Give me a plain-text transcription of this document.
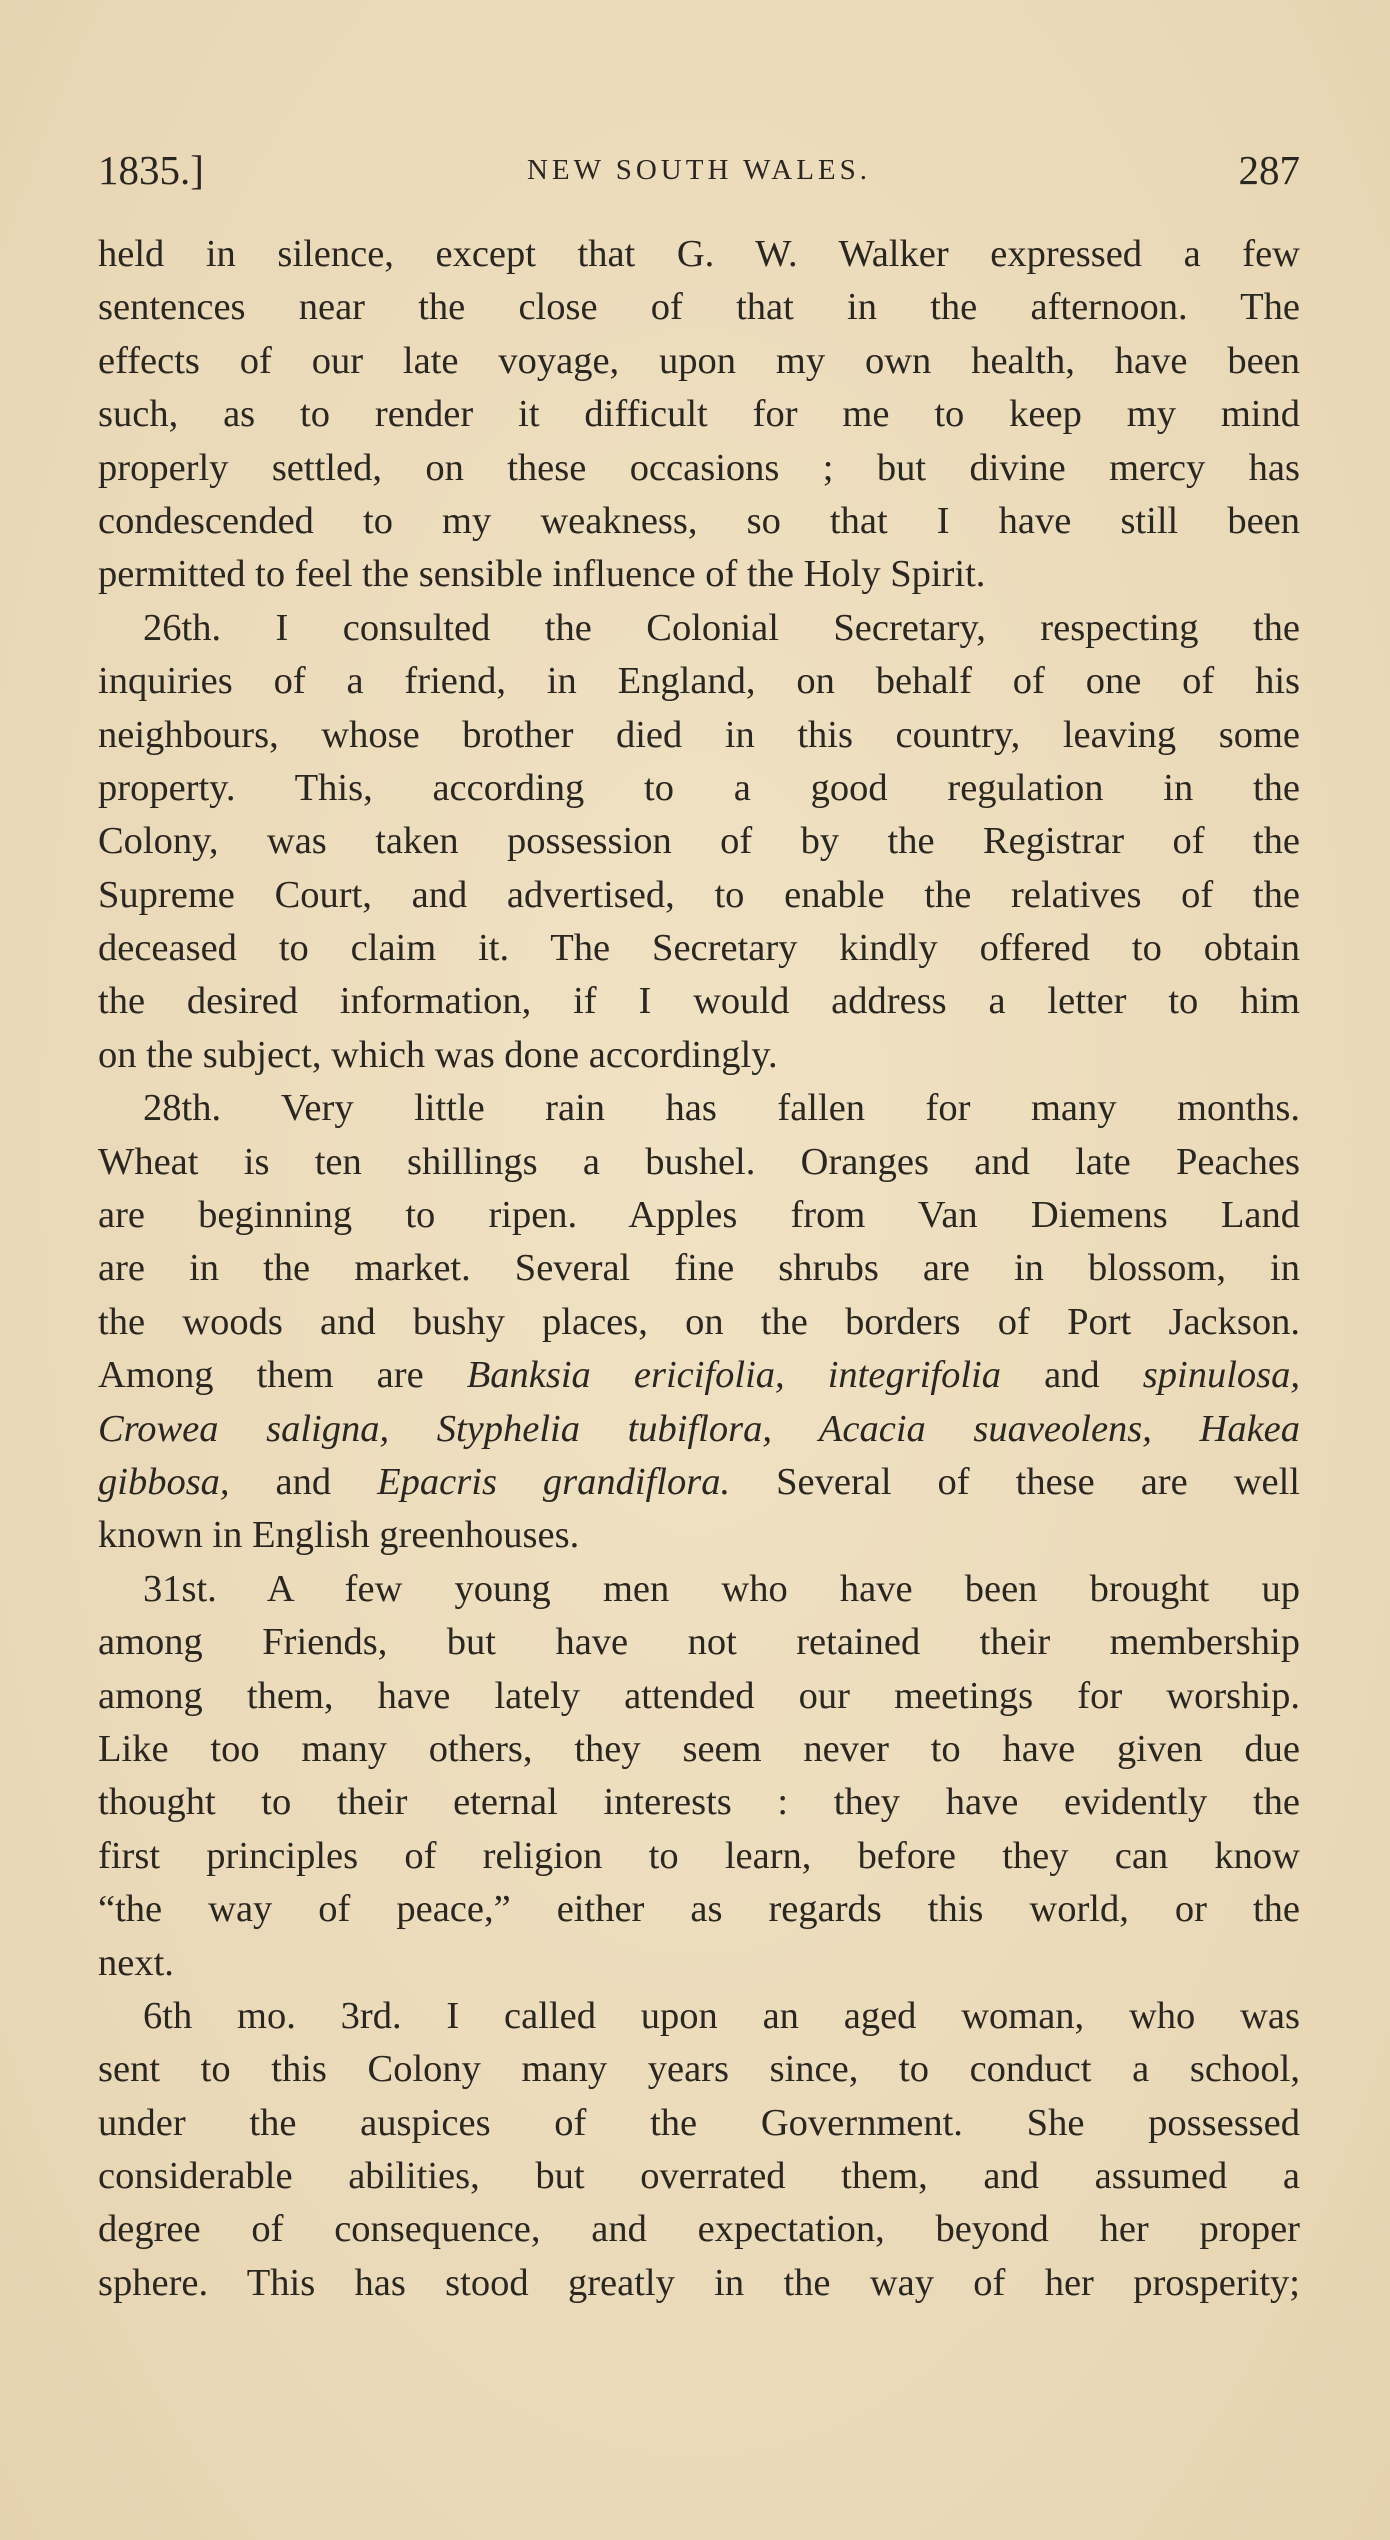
1835.]	NEW SOUTH WALES.	287
held in silence, except that G. W. Walker expressed a few
sentences near the close of that in the afternoon. The
effects of our late voyage, upon my own health, have been
such, as to render it difficult for me to keep my mind
properly settled, on these occasions ; but divine mercy has
condescended to my weakness, so that I have still been
permitted to feel the sensible influence of the Holy Spirit.
26th. I consulted the Colonial Secretary, respecting the
inquiries of a friend, in England, on behalf of one of his
neighbours, whose brother died in this country, leaving some
property. This, according to a good regulation in the
Colony, was taken possession of by the Registrar of the
Supreme Court, and advertised, to enable the relatives of the
deceased to claim it. The Secretary kindly offered to obtain
the desired information, if I would address a letter to him
on the subject, which was done accordingly.
28th. Very little rain has fallen for many months.
Wheat is ten shillings a bushel. Oranges and late Peaches
are beginning to ripen. Apples from Van Diemens Land
are in the market. Several fine shrubs are in blossom, in
the woods and bushy places, on the borders of Port Jackson.
Among them are Banksia ericifolia, integrifolia and spinulosa,
Crowea saligna, Styphelia tubiflora, Acacia suaveolens, Hakea
gibbosa, and Epacris grandiflora. Several of these are well
known in English greenhouses.
31st. A few young men who have been brought up
among Friends, but have not retained their membership
among them, have lately attended our meetings for worship.
Like too many others, they seem never to have given due
thought to their eternal interests : they have evidently the
first principles of religion to learn, before they can know
“the way of peace,” either as regards this world, or the
next.
6th mo. 3rd. I called upon an aged woman, who was
sent to this Colony many years since, to conduct a school,
under the auspices of the Government. She possessed
considerable abilities, but overrated them, and assumed a
degree of consequence, and expectation, beyond her proper
sphere. This has stood greatly in the way of her prosperity;
